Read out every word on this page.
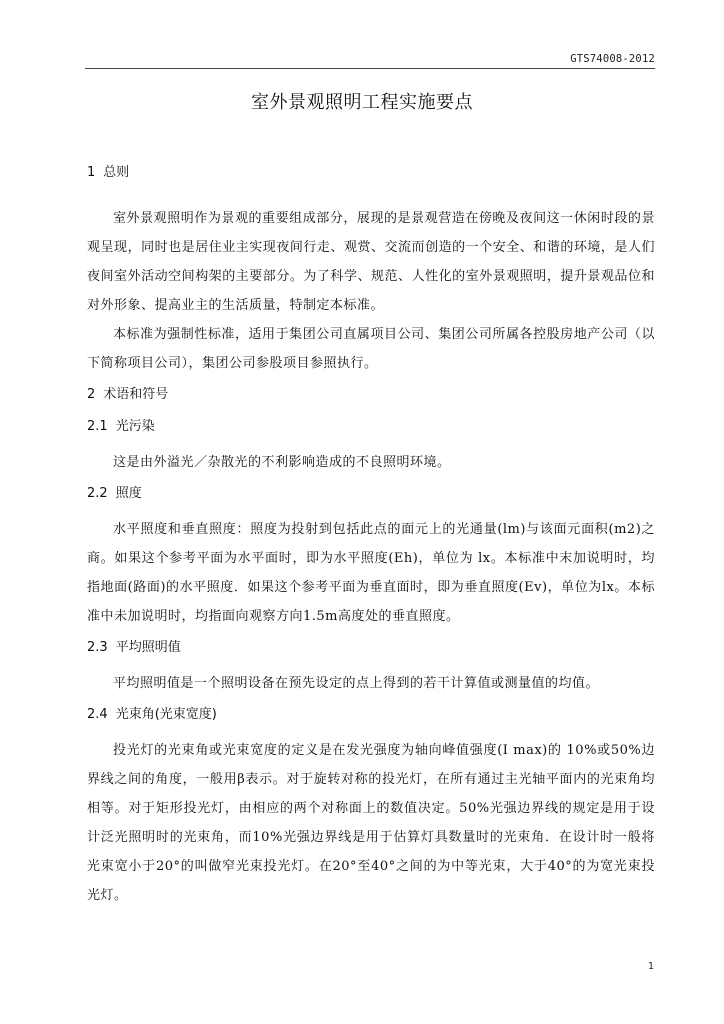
GTS74008-2012
室外景观照明工程实施要点
1 总则

室外景观照明作为景观的重要组成部分，展现的是景观营造在傍晚及夜间这一休闲时段的景观呈现，同时也是居住业主实现夜间行走、观赏、交流而创造的一个安全、和谐的环境，是人们夜间室外活动空间构架的主要部分。为了科学、规范、人性化的室外景观照明，提升景观品位和对外形象、提高业主的生活质量，特制定本标准。

本标准为强制性标准，适用于集团公司直属项目公司、集团公司所属各控股房地产公司（以下简称项目公司），集团公司参股项目参照执行。

2 术语和符号
2.1 光污染

这是由外溢光／杂散光的不利影响造成的不良照明环境。

2.2 照度

水平照度和垂直照度：照度为投射到包括此点的面元上的光通量(lm)与该面元面积(m2)之商。如果这个参考平面为水平面时，即为水平照度(Eh)，单位为 lx。本标准中末加说明时，均指地面(路面)的水平照度．如果这个参考平面为垂直面时，即为垂直照度(Ev)，单位为lx。本标准中未加说明时，均指面向观察方向1.5m高度处的垂直照度。

2.3 平均照明值

平均照明值是一个照明设备在预先设定的点上得到的若干计算值或测量值的均值。

2.4 光束角(光束宽度)

投光灯的光束角或光束宽度的定义是在发光强度为轴向峰值强度(I max)的 10%或50%边界线之间的角度，一般用β表示。对于旋转对称的投光灯，在所有通过主光轴平面内的光束角均相等。对于矩形投光灯，由相应的两个对称面上的数值决定。50%光强边界线的规定是用于设计泛光照明时的光束角，而10%光强边界线是用于估算灯具数量时的光束角．在设计时一般将光束宽小于20°的叫做窄光束投光灯。在20°至40°之间的为中等光束，大于40°的为宽光束投光灯。

1
